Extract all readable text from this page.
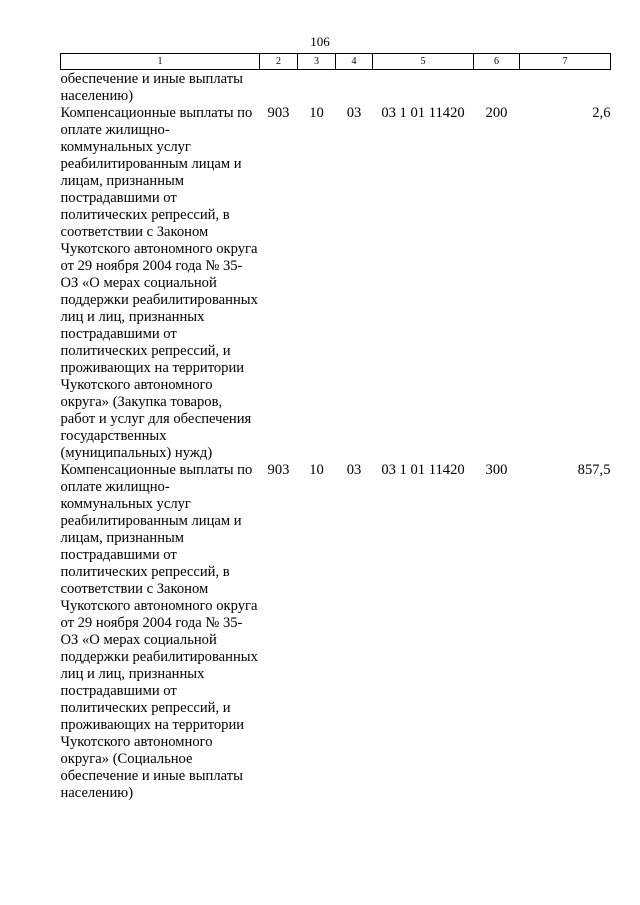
106
1	2	3	4	5	6	7
обеспечение и иные выплаты населению)						
Компенсационные выплаты по оплате жилищно-коммунальных услуг реабилитированным лицам и лицам, признанным пострадавшими от политических репрессий, в соответствии с Законом Чукотского автономного округа от 29 ноября 2004 года № 35-ОЗ «О мерах социальной поддержки реабилитированных лиц и лиц, признанных пострадавшими от политических репрессий, и проживающих на территории Чукотского автономного округа» (Закупка товаров, работ и услуг для обеспечения государственных (муниципальных) нужд)	903	10	03	03 1 01 11420	200	2,6
Компенсационные выплаты по оплате жилищно-коммунальных услуг реабилитированным лицам и лицам, признанным пострадавшими от политических репрессий, в соответствии с Законом Чукотского автономного округа от 29 ноября 2004 года № 35-ОЗ «О мерах социальной поддержки реабилитированных лиц и лиц, признанных пострадавшими от политических репрессий, и проживающих на территории Чукотского автономного округа» (Социальное обеспечение и иные выплаты населению)	903	10	03	03 1 01 11420	300	857,5
